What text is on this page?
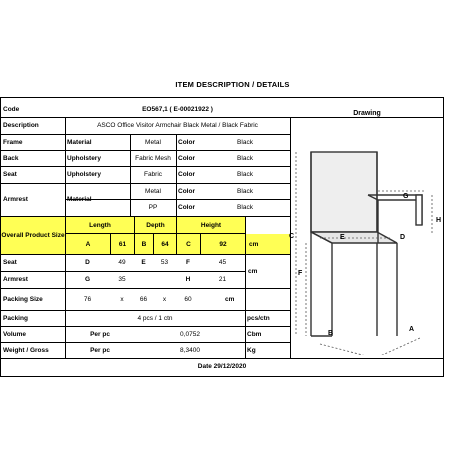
ITEM DESCRIPTION / DETAILS
Code	EO567,1 ( E-00021922 )
Drawing
Description	ASCO Office Visitor Armchair Black Metal / Black Fabric
Frame	Material	Metal	Color	Black
Back	Upholstery	Fabric Mesh	Color	Black
Seat	Upholstery	Fabric	Color	Black
Armrest	Material
Metal	Color	Black
PP	Color	Black
Overall Product Size
Length	Depth	Height
A	61	B	64	C	92	cm
Seat	D	49	E	53	F	45
cm
Armrest	G	35	H	21
Packing Size	76	x	66	x	60	cm
Packing	4 pcs / 1 ctn	pcs/ctn
Volume	Per pc	0,0752	Cbm
Weight / Gross	Per pc	8,3400	Kg
Date 29/12/2020
C
F
E	D
G
H
B
A
